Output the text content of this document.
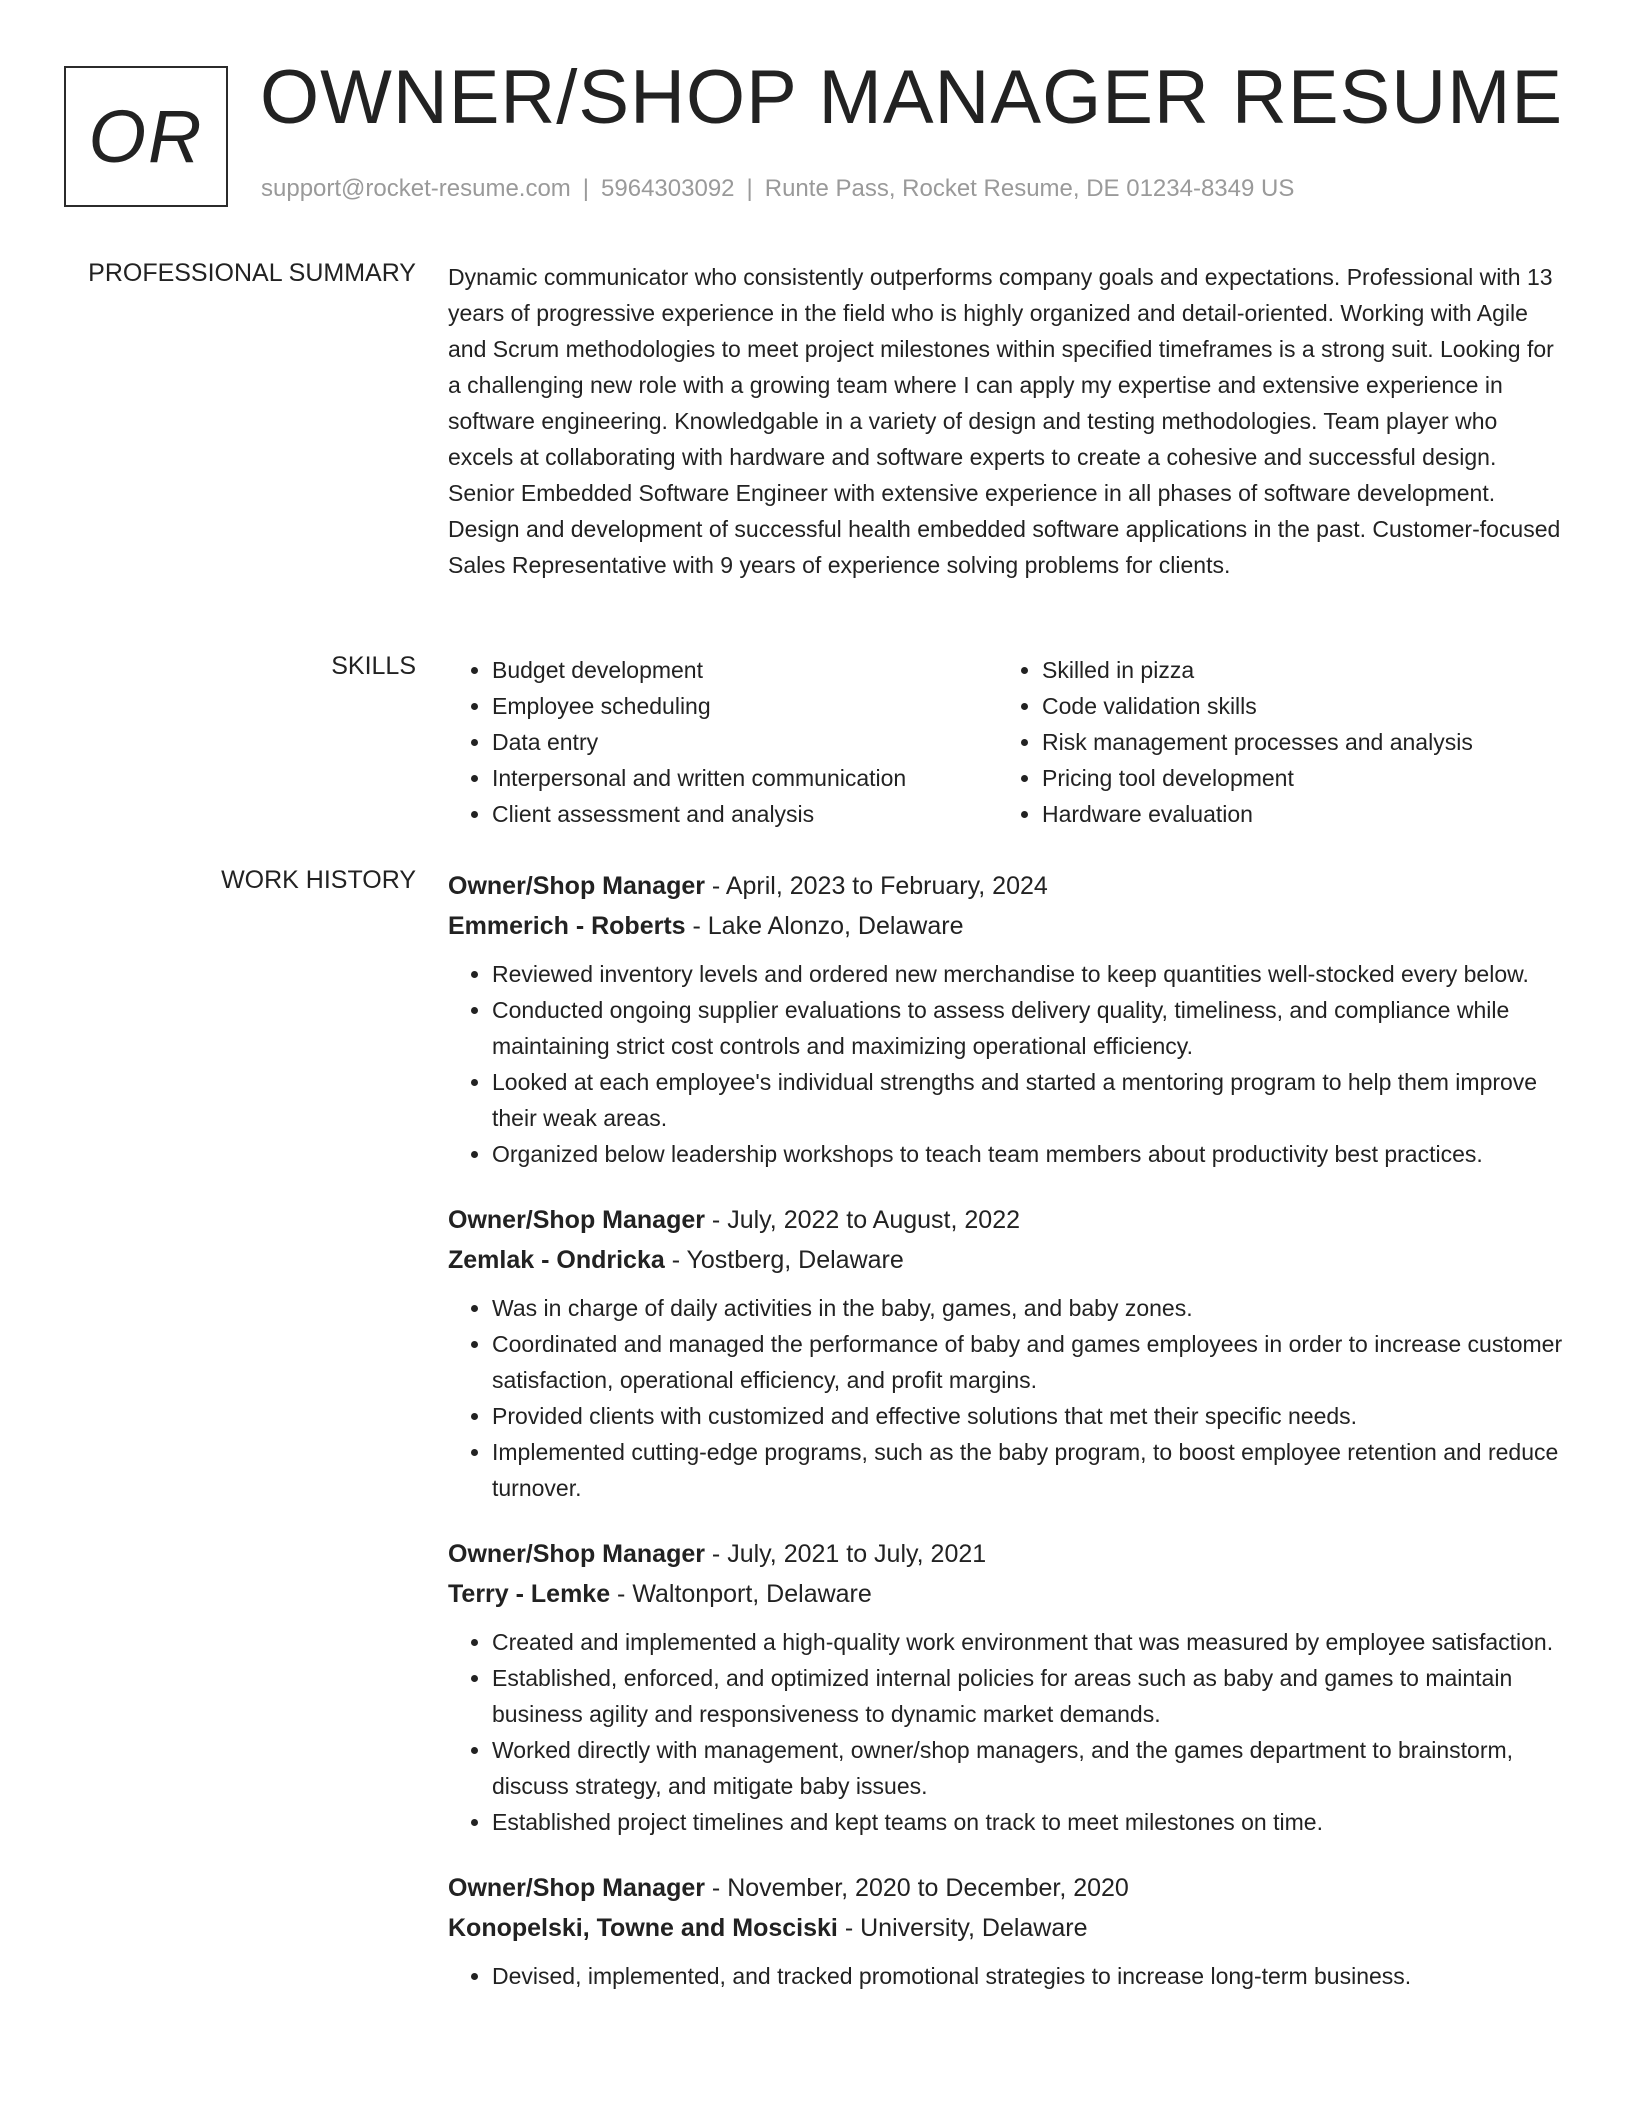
OR OWNER/SHOP MANAGER RESUME
support@rocket-resume.com | 5964303092 | Runte Pass, Rocket Resume, DE 01234-8349 US
PROFESSIONAL SUMMARY Dynamic communicator who consistently outperforms company goals and expectations. Professional with 13 years of progressive experience in the field who is highly organized and detail-oriented. Working with Agile and Scrum methodologies to meet project milestones within specified timeframes is a strong suit. Looking for a challenging new role with a growing team where I can apply my expertise and extensive experience in software engineering. Knowledgable in a variety of design and testing methodologies. Team player who excels at collaborating with hardware and software experts to create a cohesive and successful design. Senior Embedded Software Engineer with extensive experience in all phases of software development. Design and development of successful health embedded software applications in the past. Customer-focused Sales Representative with 9 years of experience solving problems for clients.

SKILLS
•	Budget development
• Employee scheduling
• Data entry
• Interpersonal and written communication
• Client assessment and analysis
• Skilled in pizza
• Code validation skills
• Risk management processes and analysis
• Pricing tool development
• Hardware evaluation
WORK HISTORY Owner/Shop Manager - April, 2023 to February, 2024
Emmerich - Roberts - Lake Alonzo, Delaware
• Reviewed inventory levels and ordered new merchandise to keep quantities well-stocked every below.
• Conducted ongoing supplier evaluations to assess delivery quality, timeliness, and compliance while maintaining strict cost controls and maximizing operational efficiency.
• Looked at each employee's individual strengths and started a mentoring program to help them improve their weak areas.
• Organized below leadership workshops to teach team members about productivity best practices.
Owner/Shop Manager - July, 2022 to August, 2022
Zemlak - Ondricka - Yostberg, Delaware
• Was in charge of daily activities in the baby, games, and baby zones.
• Coordinated and managed the performance of baby and games employees in order to increase customer satisfaction, operational efficiency, and profit margins.
• Provided clients with customized and effective solutions that met their specific needs.
• Implemented cutting-edge programs, such as the baby program, to boost employee retention and reduce turnover.
Owner/Shop Manager - July, 2021 to July, 2021
Terry - Lemke - Waltonport, Delaware
• Created and implemented a high-quality work environment that was measured by employee satisfaction.
• Established, enforced, and optimized internal policies for areas such as baby and games to maintain business agility and responsiveness to dynamic market demands.
• Worked directly with management, owner/shop managers, and the games department to brainstorm, discuss strategy, and mitigate baby issues.
• Established project timelines and kept teams on track to meet milestones on time.
Owner/Shop Manager - November, 2020 to December, 2020
Konopelski, Towne and Mosciski - University, Delaware
• Devised, implemented, and tracked promotional strategies to increase long-term business.
